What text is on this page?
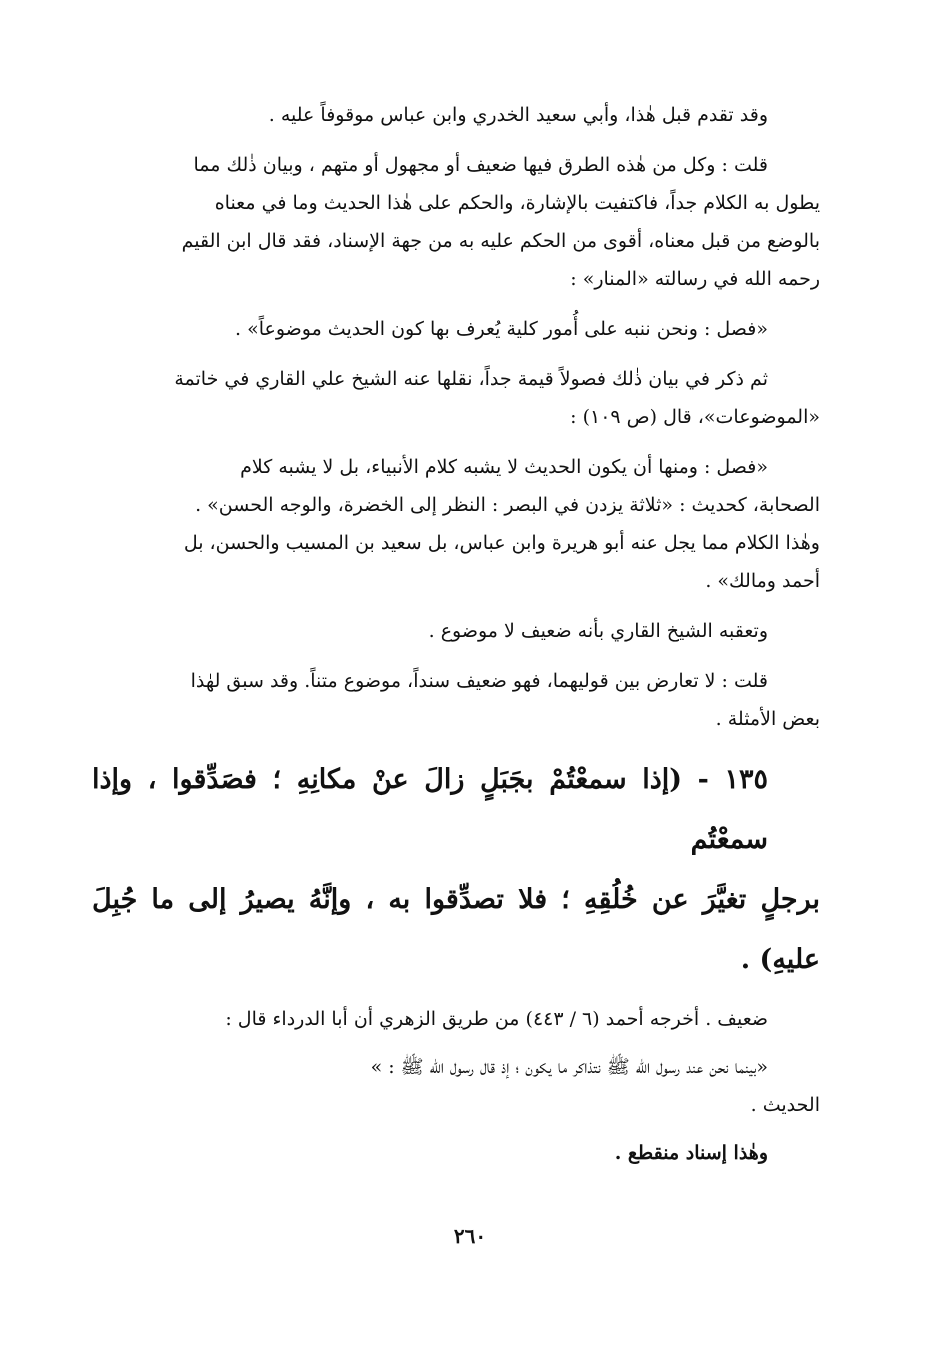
وقد تقدم قبل هٰذا، وأبي سعيد الخدري وابن عباس موقوفاً عليه .

قلت : وكل من هٰذه الطرق فيها ضعيف أو مجهول أو متهم ، وبيان ذٰلك مما

يطول به الكلام جداً، فاكتفيت بالإشارة، والحكم على هٰذا الحديث وما في معناه

بالوضع من قبل معناه، أقوى من الحكم عليه به من جهة الإسناد، فقد قال ابن القيم

رحمه الله في رسالته «المنار» :

«فصل : ونحن ننبه على أُمور كلية يُعرف بها كون الحديث موضوعاً» .

ثم ذكر في بيان ذٰلك فصولاً قيمة جداً، نقلها عنه الشيخ علي القاري في خاتمة

«الموضوعات»، قال (ص ١٠٩) :

«فصل : ومنها أن يكون الحديث لا يشبه كلام الأنبياء، بل لا يشبه كلام

الصحابة، كحديث : «ثلاثة يزدن في البصر : النظر إلى الخضرة، والوجه الحسن» .

وهٰذا الكلام مما يجل عنه أبو هريرة وابن عباس، بل سعيد بن المسيب والحسن، بل

أحمد ومالك» .

وتعقبه الشيخ القاري بأنه ضعيف لا موضوع .

قلت : لا تعارض بين قوليهما، فهو ضعيف سنداً، موضوع متناً. وقد سبق لهٰذا

بعض الأمثلة .

١٣٥ - (إذا سمعْتُمْ بجَبَلٍ زالَ عنْ مكانِهِ ؛ فصَدِّقوا ، وإذا سمعْتُم

برجلٍ تغيَّرَ عن خُلُقِهِ ؛ فلا تصدِّقوا به ، وإنَّهُ يصيرُ إلى ما جُبِلَ عليهِ) .

ضعيف . أخرجه أحمد (٦ / ٤٤٣) من طريق الزهري أن أبا الدرداء قال :

«بينما نحن عند رسول الله ﷺ نتذاكر ما يكون ؛ إذ قال رسول الله ﷺ : »

الحديث .

وهٰذا إسناد منقطع .

٢٦٠
